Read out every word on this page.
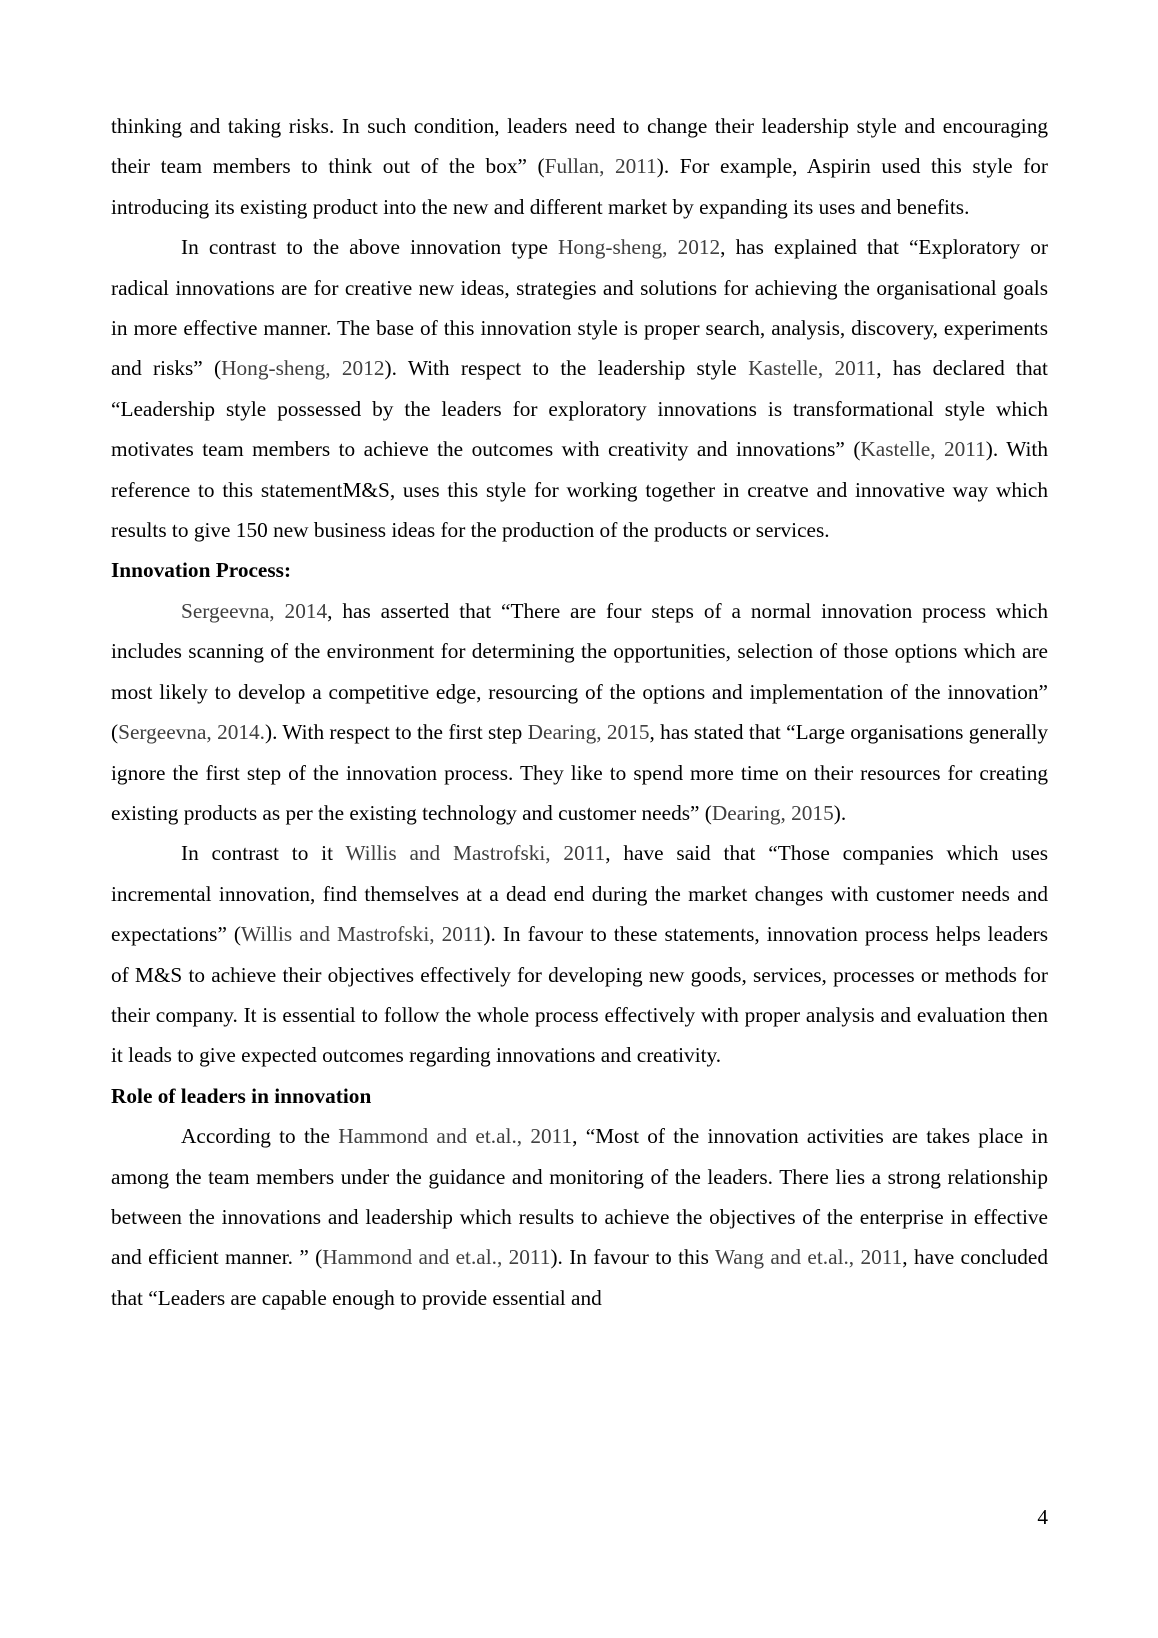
thinking and taking risks. In such condition, leaders need to change their leadership style and encouraging their team members to think out of the box” (Fullan, 2011). For example, Aspirin used this style for introducing its existing product into the new and different market by expanding its uses and benefits.

In contrast to the above innovation type Hong-sheng, 2012, has explained that “Exploratory or radical innovations are for creative new ideas, strategies and solutions for achieving the organisational goals in more effective manner. The base of this innovation style is proper search, analysis, discovery, experiments and risks” (Hong-sheng, 2012). With respect to the leadership style Kastelle, 2011, has declared that “Leadership style possessed by the leaders for exploratory innovations is transformational style which motivates team members to achieve the outcomes with creativity and innovations” (Kastelle, 2011). With reference to this statementM&S, uses this style for working together in creatve and innovative way which results to give 150 new business ideas for the production of the products or services.

Innovation Process:

Sergeevna, 2014, has asserted that “There are four steps of a normal innovation process which includes scanning of the environment for determining the opportunities, selection of those options which are most likely to develop a competitive edge, resourcing of the options and implementation of the innovation” (Sergeevna, 2014.). With respect to the first step Dearing, 2015, has stated that “Large organisations generally ignore the first step of the innovation process. They like to spend more time on their resources for creating existing products as per the existing technology and customer needs” (Dearing, 2015).

In contrast to it Willis and Mastrofski, 2011, have said that “Those companies which uses incremental innovation, find themselves at a dead end during the market changes with customer needs and expectations” (Willis and Mastrofski, 2011). In favour to these statements, innovation process helps leaders of M&S to achieve their objectives effectively for developing new goods, services, processes or methods for their company. It is essential to follow the whole process effectively with proper analysis and evaluation then it leads to give expected outcomes regarding innovations and creativity.

Role of leaders in innovation

According to the Hammond and et.al., 2011, “Most of the innovation activities are takes place in among the team members under the guidance and monitoring of the leaders. There lies a strong relationship between the innovations and leadership which results to achieve the objectives of the enterprise in effective and efficient manner. ” (Hammond and et.al., 2011). In favour to this Wang and et.al., 2011, have concluded that “Leaders are capable enough to provide essential and

4
